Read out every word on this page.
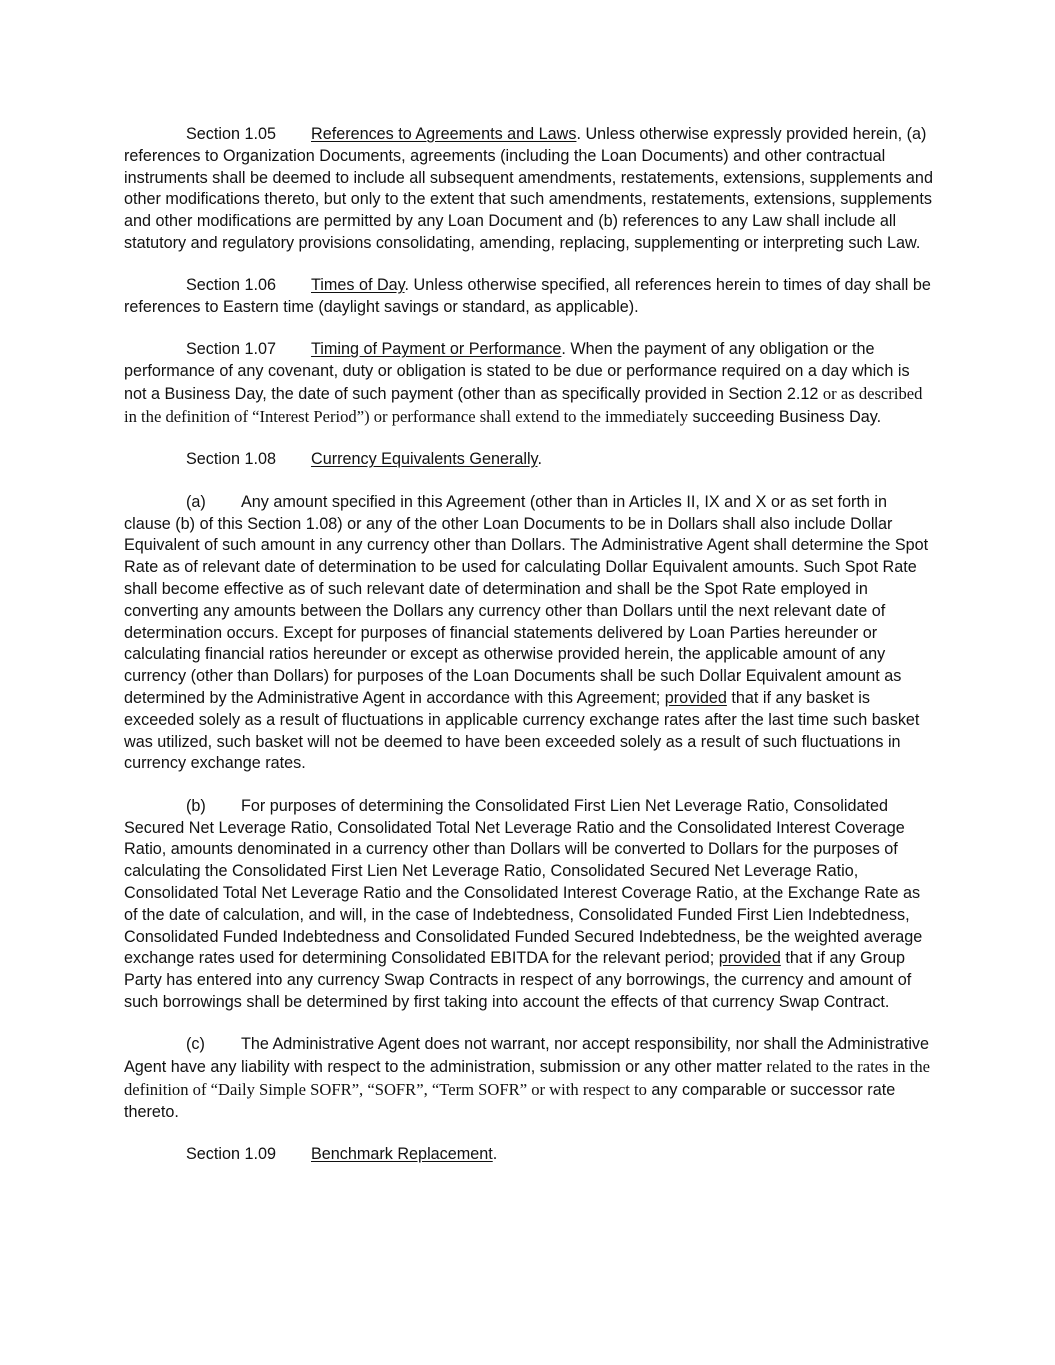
Section 1.05 References to Agreements and Laws. Unless otherwise expressly provided herein, (a) references to Organization Documents, agreements (including the Loan Documents) and other contractual instruments shall be deemed to include all subsequent amendments, restatements, extensions, supplements and other modifications thereto, but only to the extent that such amendments, restatements, extensions, supplements and other modifications are permitted by any Loan Document and (b) references to any Law shall include all statutory and regulatory provisions consolidating, amending, replacing, supplementing or interpreting such Law.

Section 1.06 Times of Day. Unless otherwise specified, all references herein to times of day shall be references to Eastern time (daylight savings or standard, as applicable).

Section 1.07 Timing of Payment or Performance. When the payment of any obligation or the performance of any covenant, duty or obligation is stated to be due or performance required on a day which is not a Business Day, the date of such payment (other than as specifically provided in Section 2.12 or as described in the definition of “Interest Period”) or performance shall extend to the immediately succeeding Business Day.

Section 1.08 Currency Equivalents Generally.

(a) Any amount specified in this Agreement (other than in Articles II, IX and X or as set forth in clause (b) of this Section 1.08) or any of the other Loan Documents to be in Dollars shall also include Dollar Equivalent of such amount in any currency other than Dollars. The Administrative Agent shall determine the Spot Rate as of relevant date of determination to be used for calculating Dollar Equivalent amounts. Such Spot Rate shall become effective as of such relevant date of determination and shall be the Spot Rate employed in converting any amounts between the Dollars any currency other than Dollars until the next relevant date of determination occurs. Except for purposes of financial statements delivered by Loan Parties hereunder or calculating financial ratios hereunder or except as otherwise provided herein, the applicable amount of any currency (other than Dollars) for purposes of the Loan Documents shall be such Dollar Equivalent amount as determined by the Administrative Agent in accordance with this Agreement; provided that if any basket is exceeded solely as a result of fluctuations in applicable currency exchange rates after the last time such basket was utilized, such basket will not be deemed to have been exceeded solely as a result of such fluctuations in currency exchange rates.

(b) For purposes of determining the Consolidated First Lien Net Leverage Ratio, Consolidated Secured Net Leverage Ratio, Consolidated Total Net Leverage Ratio and the Consolidated Interest Coverage Ratio, amounts denominated in a currency other than Dollars will be converted to Dollars for the purposes of calculating the Consolidated First Lien Net Leverage Ratio, Consolidated Secured Net Leverage Ratio, Consolidated Total Net Leverage Ratio and the Consolidated Interest Coverage Ratio, at the Exchange Rate as of the date of calculation, and will, in the case of Indebtedness, Consolidated Funded First Lien Indebtedness, Consolidated Funded Indebtedness and Consolidated Funded Secured Indebtedness, be the weighted average exchange rates used for determining Consolidated EBITDA for the relevant period; provided that if any Group Party has entered into any currency Swap Contracts in respect of any borrowings, the currency and amount of such borrowings shall be determined by first taking into account the effects of that currency Swap Contract.

(c) The Administrative Agent does not warrant, nor accept responsibility, nor shall the Administrative Agent have any liability with respect to the administration, submission or any other matter related to the rates in the definition of “Daily Simple SOFR”, “SOFR”, “Term SOFR” or with respect to any comparable or successor rate thereto.

Section 1.09 Benchmark Replacement.
